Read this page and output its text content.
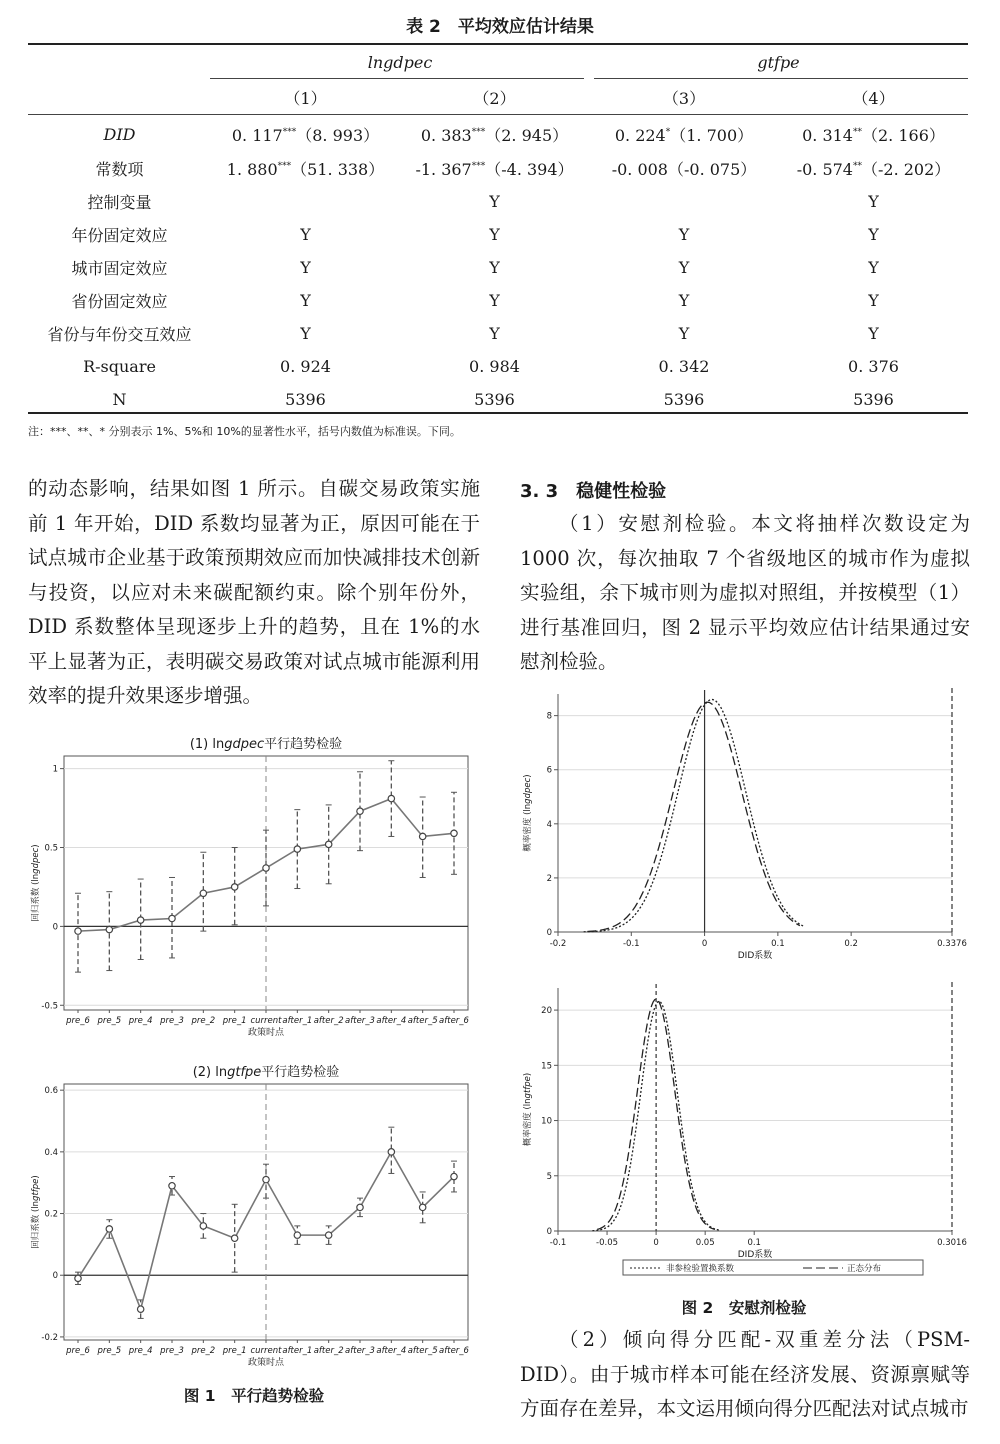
表 2　平均效应估计结果
	lngdpec		gtfpe	
	（1）	（2）	（3）	（4）
DID	0. 117***（8. 993）	0. 383***（2. 945）	0. 224*（1. 700）	0. 314**（2. 166）
常数项	1. 880***（51. 338）	-1. 367***（-4. 394）	-0. 008（-0. 075）	-0. 574**（-2. 202）
控制变量		Y		Y
年份固定效应	Y	Y	Y	Y
城市固定效应	Y	Y	Y	Y
省份固定效应	Y	Y	Y	Y
省份与年份交互效应	Y	Y	Y	Y
R-square	0. 924	0. 984	0. 342	0. 376
N	5396	5396	5396	5396
注：***、**、* 分别表示 1%、5%和 10%的显著性水平，括号内数值为标准误。下同。
的动态影响，结果如图 1 所示。自碳交易政策实施前 1 年开始，DID 系数均显著为正，原因可能在于试点城市企业基于政策预期效应而加快减排技术创新与投资，以应对未来碳配额约束。除个别年份外，DID 系数整体呈现逐步上升的趋势，且在 1%的水平上显著为正，表明碳交易政策对试点城市能源利用效率的提升效果逐步增强。
3. 3　稳健性检验
（1）安慰剂检验。本文将抽样次数设定为 1000 次，每次抽取 7 个省级地区的城市作为虚拟实验组，余下城市则为虚拟对照组，并按模型（1）进行基准回归，图 2 显示平均效应估计结果通过安慰剂检验。
（2）倾向得分匹配-双重差分法（PSM-DID）。由于城市样本可能在经济发展、资源禀赋等方面存在差异，本文运用倾向得分匹配法对试点城市
(1) lngdpec平行趋势检验
-0.5
0
0.5
1
pre_6 pre_5 pre_4 pre_3 pre_2 pre_1 current after_1 after_2 after_3 after_4 after_5 after_6
政策时点
回归系数 (lngdpec)
(2) lngtfpe平行趋势检验
-0.2
0
0.2
0.4
0.6
pre_6 pre_5 pre_4 pre_3 pre_2 pre_1 current after_1 after_2 after_3 after_4 after_5 after_6
政策时点
回归系数 (lngtfpe)
图 1　平行趋势检验
0
2
4
6
8
-0.2	-0.1	0	0.1	0.2	0.3376
DID系数
概率密度 (lngdpec)
0
5
10
15
20
-0.1	-0.05	0	0.05	0.1	0.3016
DID系数
概率密度 (lngtfpe)
非参检验置换系数	正态分布
图 2　安慰剂检验
